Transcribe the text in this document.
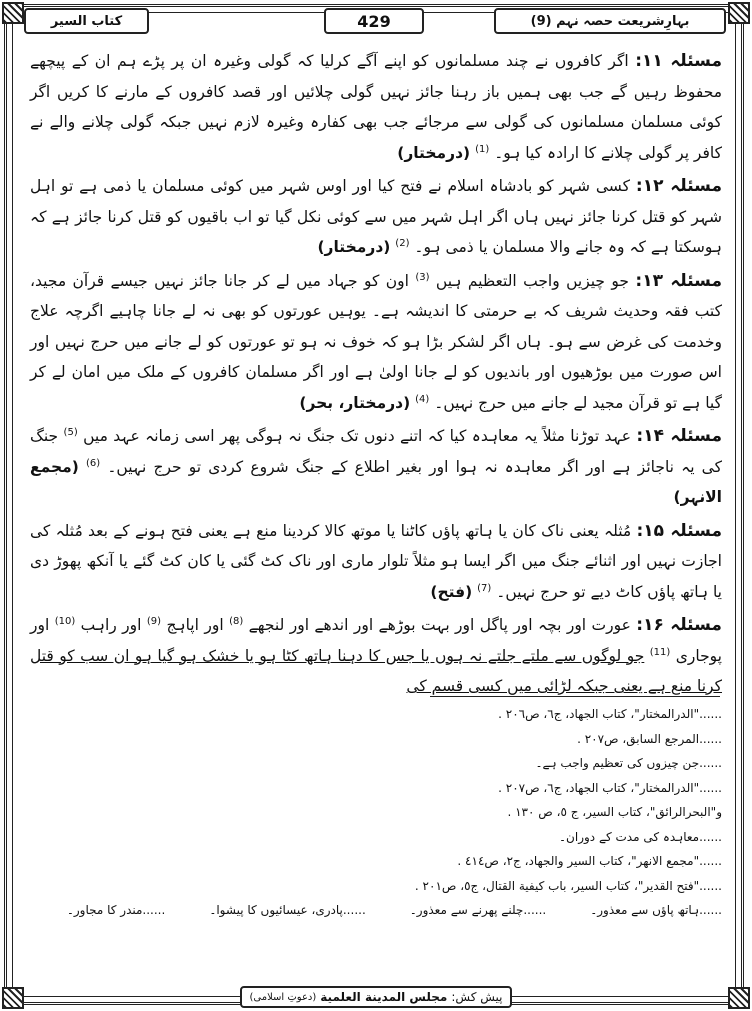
کتاب السیر	429	بہارِشریعت حصہ نہم (9)

مسئلہ ۱۱: اگر کافروں نے چند مسلمانوں کو اپنے آگے کرلیا کہ گولی وغیرہ ان پر پڑے ہم ان کے پیچھے محفوظ رہیں گے جب بھی ہمیں باز رہنا جائز نہیں گولی چلائیں اور قصد کافروں کے مارنے کا کریں اگر کوئی مسلمان مسلمانوں کی گولی سے مرجائے جب بھی کفارہ وغیرہ لازم نہیں جبکہ گولی چلانے والے نے کافر پر گولی چلانے کا ارادہ کیا ہو۔ $^{(1)}$ (درمختار)

مسئلہ ۱۲: کسی شہر کو بادشاہ اسلام نے فتح کیا اور اوس شہر میں کوئی مسلمان یا ذمی ہے تو اہل شہر کو قتل کرنا جائز نہیں ہاں اگر اہل شہر میں سے کوئی نکل گیا تو اب باقیوں کو قتل کرنا جائز ہے کہ ہوسکتا ہے کہ وہ جانے والا مسلمان یا ذمی ہو۔ $^{(2)}$ (درمختار)

مسئلہ ۱۳: جو چیزیں واجب التعظیم ہیں $^{(3)}$ اون کو جہاد میں لے کر جانا جائز نہیں جیسے قرآن مجید، کتب فقہ وحدیث شریف کہ بے حرمتی کا اندیشہ ہے۔ یوہیں عورتوں کو بھی نہ لے جانا چاہیے اگرچہ علاج وخدمت کی غرض سے ہو۔ ہاں اگر لشکر بڑا ہو کہ خوف نہ ہو تو عورتوں کو لے جانے میں حرج نہیں اور اس صورت میں بوڑھیوں اور باندیوں کو لے جانا اولیٰ ہے اور اگر مسلمان کافروں کے ملک میں امان لے کر گیا ہے تو قرآن مجید لے جانے میں حرج نہیں۔ $^{(4)}$ (درمختار، بحر)

مسئلہ ۱۴: عہد توڑنا مثلاً یہ معاہدہ کیا کہ اتنے دنوں تک جنگ نہ ہوگی پھر اسی زمانہ عہد میں $^{(5)}$ جنگ کی یہ ناجائز ہے اور اگر معاہدہ نہ ہوا اور بغیر اطلاع کے جنگ شروع کردی تو حرج نہیں۔ $^{(6)}$ (مجمع الانہر)

مسئلہ ۱۵: مُثلہ یعنی ناک کان یا ہاتھ پاؤں کاٹنا یا موتھ کالا کردینا منع ہے یعنی فتح ہونے کے بعد مُثلہ کی اجازت نہیں اور اثنائے جنگ میں اگر ایسا ہو مثلاً تلوار ماری اور ناک کٹ گئی یا کان کٹ گئے یا آنکھ پھوڑ دی یا ہاتھ پاؤں کاٹ دیے تو حرج نہیں۔ $^{(7)}$ (فتح)

مسئلہ ۱۶: عورت اور بچہ اور پاگل اور بہت بوڑھے اور اندھے اور لنجھے $^{(8)}$ اور اپاہج $^{(9)}$ اور راہب $^{(10)}$ اور پوجاری $^{(11)}$ جو لوگوں سے ملتے جلتے نہ ہوں یا جس کا دہنا ہاتھ کٹا ہو یا خشک ہو گیا ہو ان سب کو قتل کرنا منع ہے یعنی جبکہ لڑائی میں کسی قسم کی

......"الدرالمختار"، کتاب الجهاد، ج٦، ص٢٠٦ .
......المرجع السابق، ص٢٠٧ .
......جن چیزوں کی تعظیم واجب ہے۔
......"الدرالمختار"، کتاب الجهاد، ج٦، ص٢٠٧ .
و"البحرالرائق"، کتاب السير، ج ٥، ص ١٣٠ .
......معاہدہ کی مدت کے دوران۔
......"مجمع الانهر"، کتاب السير والجهاد، ج٢، ص٤١٤ .
......"فتح القدير"، کتاب السير، باب كيفية القتال، ج٥، ص٢٠١ .
......ہاتھ پاؤں سے معذور۔
......چلنے پھرنے سے معذور۔
......پادری، عیسائیوں کا پیشوا۔
......مندر کا مجاور۔
پیش کش:
مجلس المدينة العلمية
(دعوتِ اسلامی)
